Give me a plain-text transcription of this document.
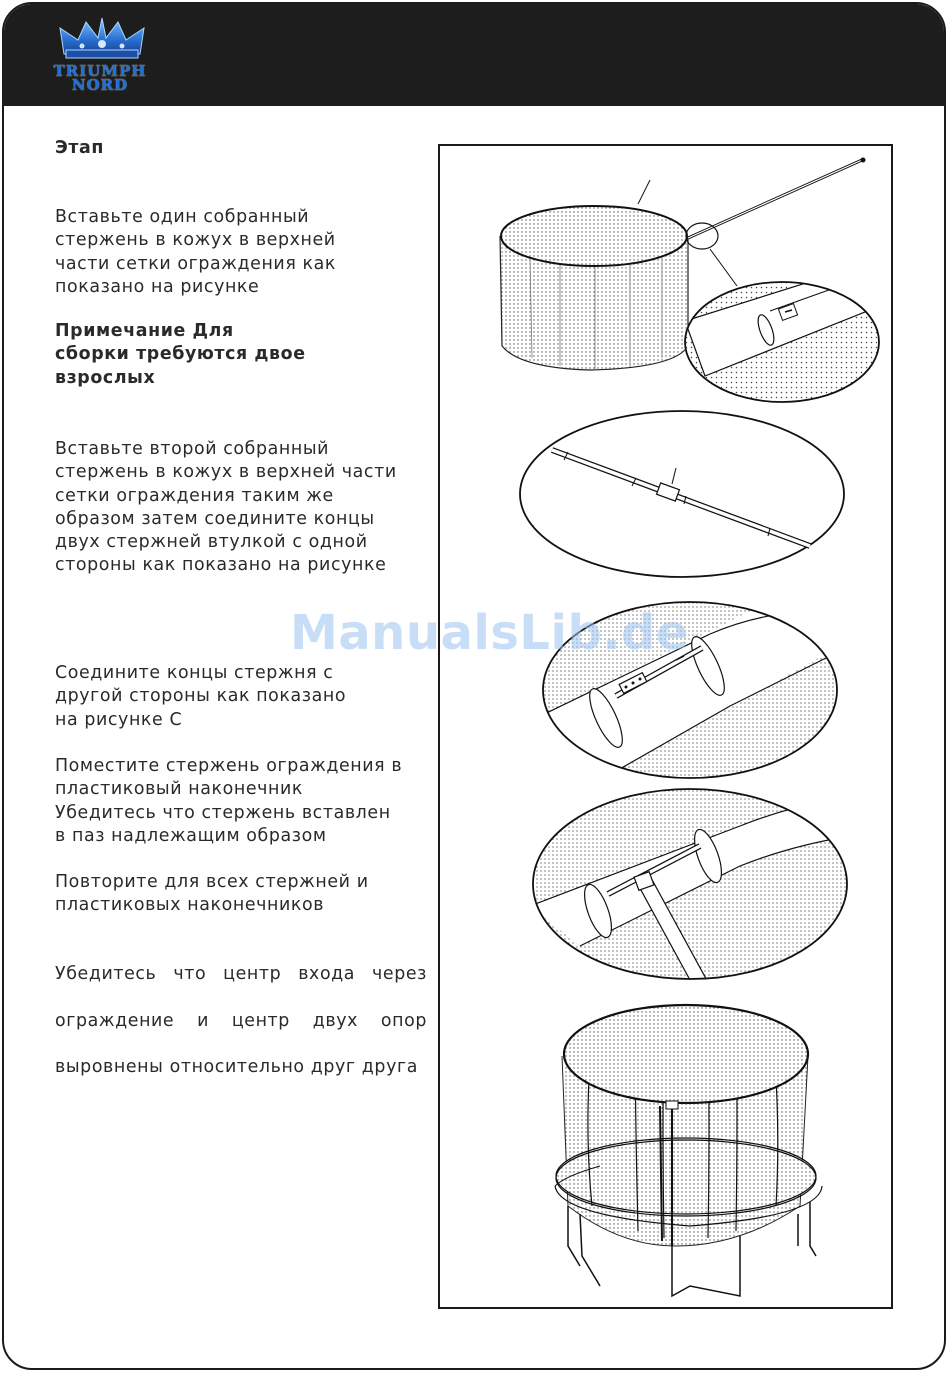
TRIUMPH
NORD
Этап
Вставьте один собранный
стержень в кожух в верхней
части сетки ограждения как
показано на рисунке
Примечание Для
сборки требуются двое
взрослых
Вставьте второй собранный
стержень в кожух в верхней части
сетки ограждения таким же
образом затем соедините концы
двух стержней втулкой с одной
стороны как показано на рисунке
Соедините концы стержня с
другой стороны как показано
на рисунке С
Поместите стержень ограждения в
пластиковый наконечник
Убедитесь что стержень вставлен
в паз надлежащим образом
Повторите для всех стержней и
пластиковых наконечников

Убедитесь что центр входа через

ограждение и центр двух опор

выровнены относительно друг друга

ManualsLib.de
